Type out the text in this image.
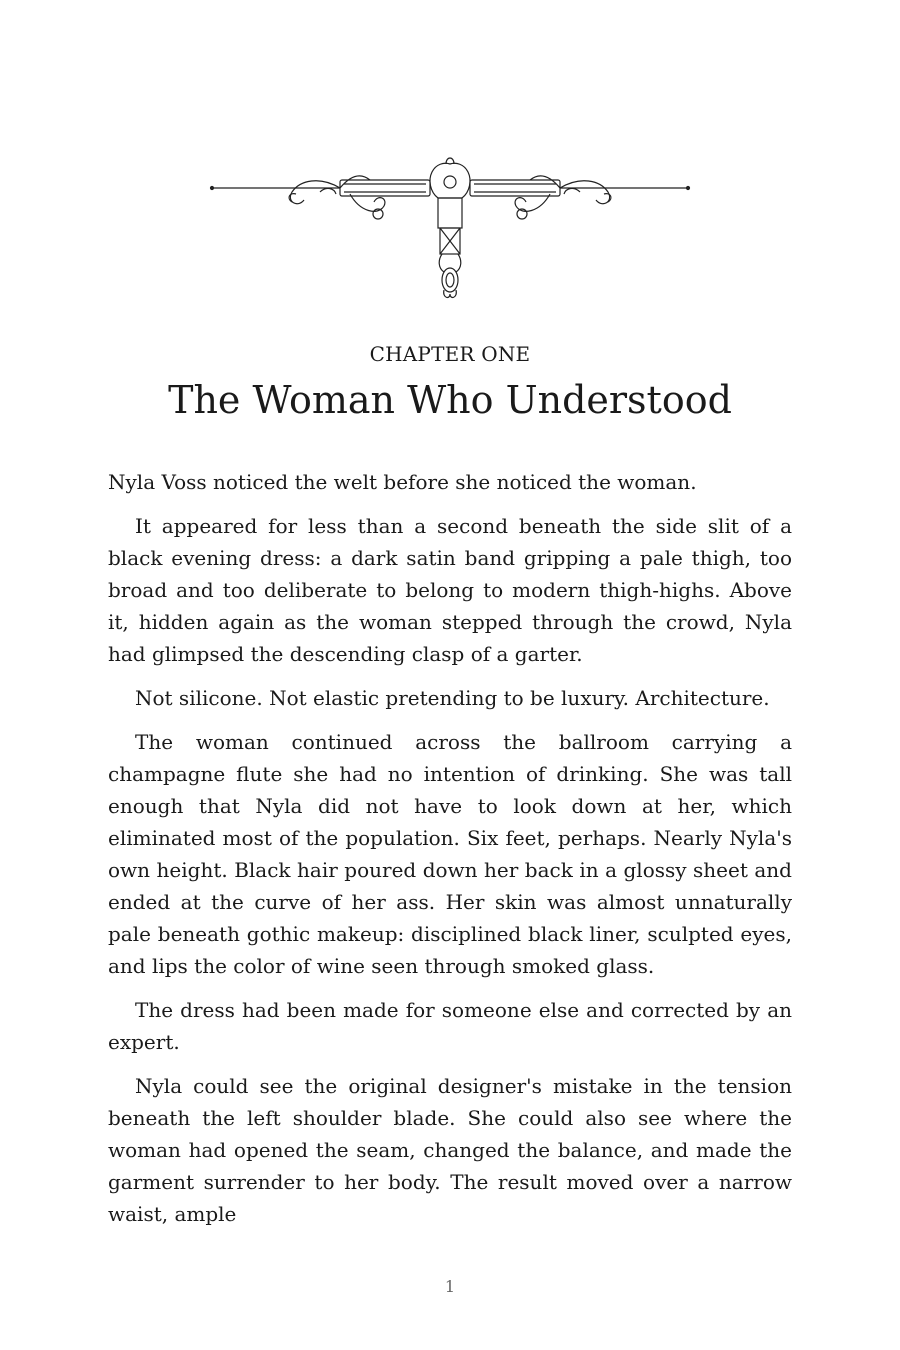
CHAPTER ONE
The Woman Who Understood

Nyla Voss noticed the welt before she noticed the woman.

It appeared for less than a second beneath the side slit of a black evening dress: a dark satin band gripping a pale thigh, too broad and too deliberate to belong to modern thigh-highs. Above it, hidden again as the woman stepped through the crowd, Nyla had glimpsed the descending clasp of a garter.

Not silicone. Not elastic pretending to be luxury. Architecture.

The woman continued across the ballroom carrying a champagne flute she had no intention of drinking. She was tall enough that Nyla did not have to look down at her, which eliminated most of the population. Six feet, perhaps. Nearly Nyla's own height. Black hair poured down her back in a glossy sheet and ended at the curve of her ass. Her skin was almost unnaturally pale beneath gothic makeup: disciplined black liner, sculpted eyes, and lips the color of wine seen through smoked glass.

The dress had been made for someone else and corrected by an expert.

Nyla could see the original designer's mistake in the tension beneath the left shoulder blade. She could also see where the woman had opened the seam, changed the balance, and made the garment surrender to her body. The result moved over a narrow waist, ample

1
